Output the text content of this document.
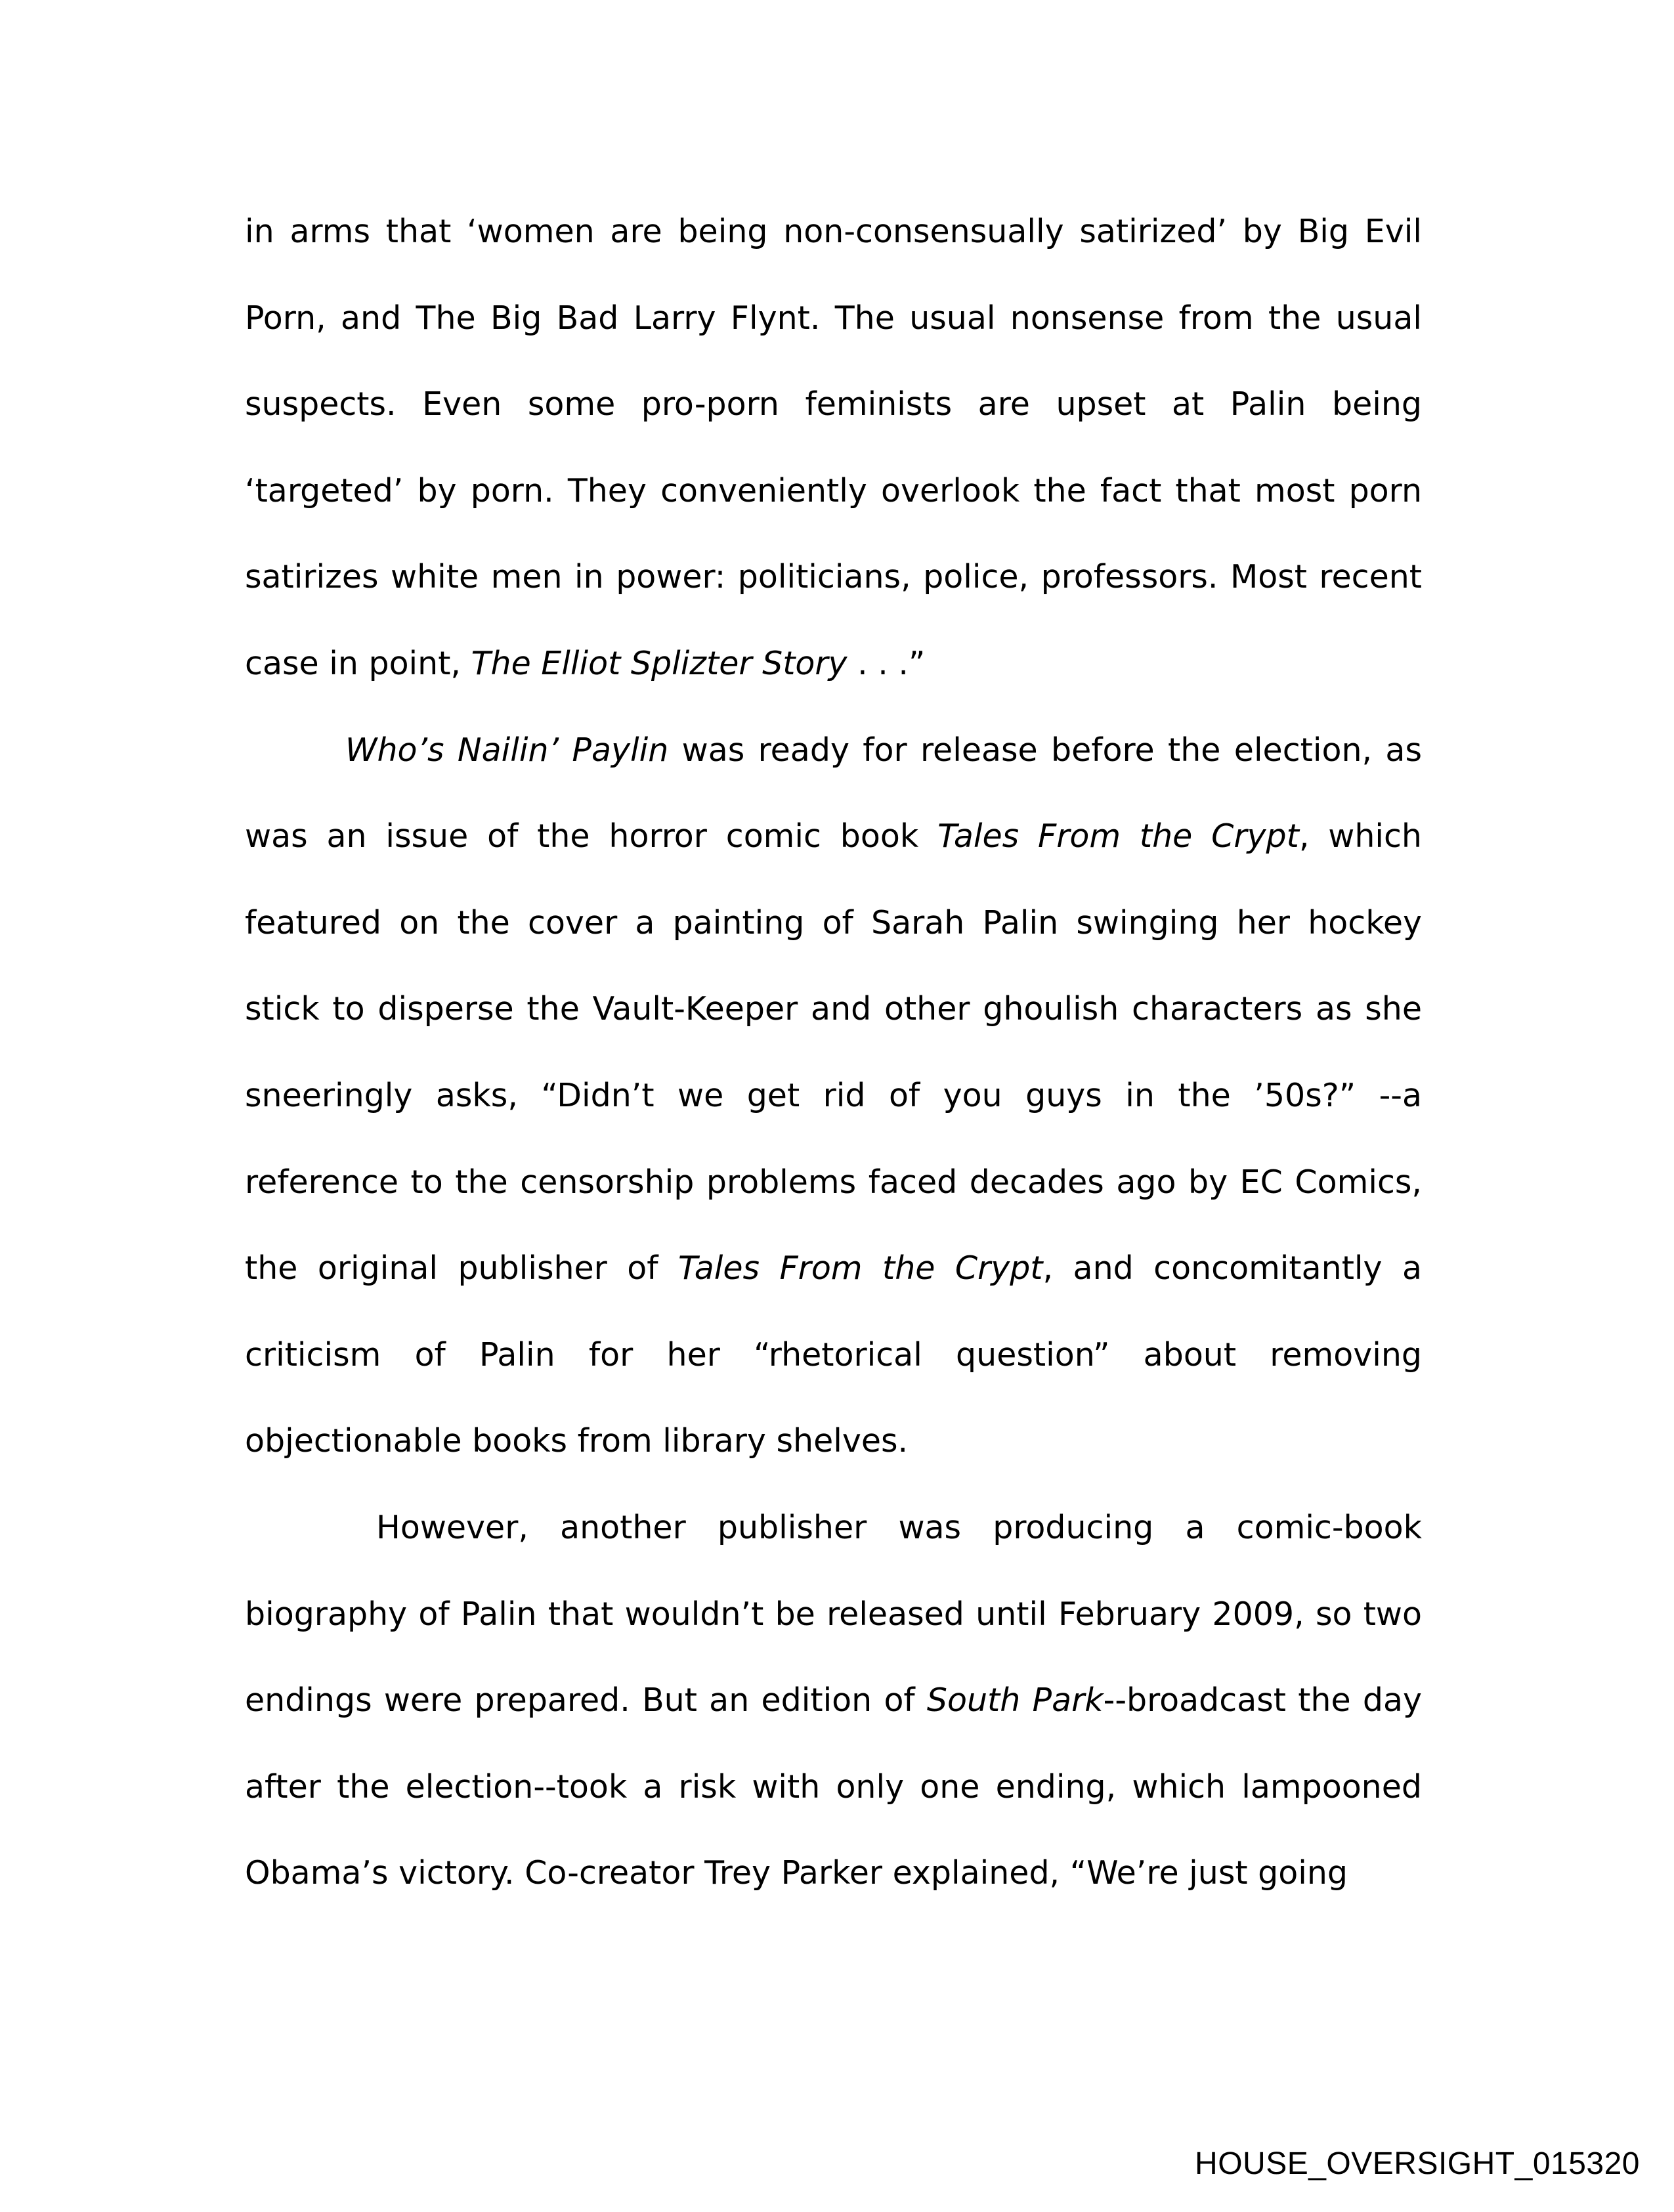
in arms that ‘women are being non-consensually satirized’ by Big Evil Porn, and The Big Bad Larry Flynt. The usual nonsense from the usual suspects. Even some pro-porn feminists are upset at Palin being ‘targeted’ by porn. They conveniently overlook the fact that most porn satirizes white men in power: politicians, police, professors. Most recent case in point, The Elliot Splizter Story . . .”

Who’s Nailin’ Paylin was ready for release before the election, as was an issue of the horror comic book Tales From the Crypt, which featured on the cover a painting of Sarah Palin swinging her hockey stick to disperse the Vault-Keeper and other ghoulish characters as she sneeringly asks, “Didn’t we get rid of you guys in the ’50s?” --a reference to the censorship problems faced decades ago by EC Comics, the original publisher of Tales From the Crypt, and concomitantly a criticism of Palin for her “rhetorical question” about removing objectionable books from library shelves.

However, another publisher was producing a comic-book biography of Palin that wouldn’t be released until February 2009, so two endings were prepared. But an edition of South Park--broadcast the day after the election--took a risk with only one ending, which lampooned Obama’s victory. Co-creator Trey Parker explained, “We’re just going

HOUSE_OVERSIGHT_015320
